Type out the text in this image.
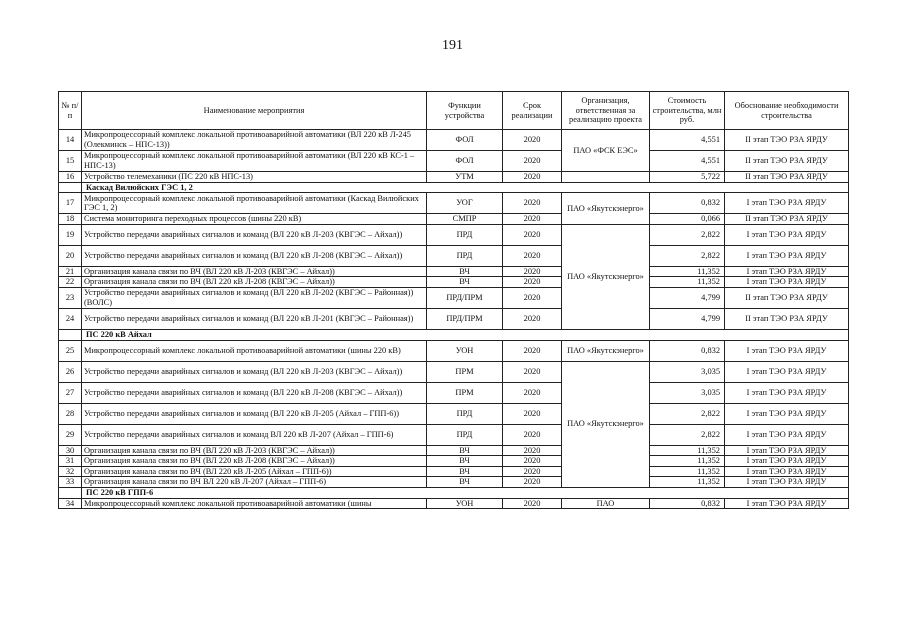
191
№ п/п	Наименование мероприятия	Функции устройства	Срок реализации	Организация, ответственная за реализацию проекта	Стоимость строительства, млн руб.	Обоснование необходимости строительства
14	Микропроцессорный комплекс локальной противоаварийной автоматики (ВЛ 220 кВ Л-245 (Олекминск – НПС-13))	ФОЛ	2020	ПАО «ФСК ЕЭС»	4,551	II этап ТЭО РЗА ЯРДУ
15	Микропроцессорный комплекс локальной противоаварийной автоматики (ВЛ 220 кВ КС-1 – НПС-13)	ФОЛ	2020		4,551	II этап ТЭО РЗА ЯРДУ
16	Устройство телемеханики (ПС 220 кВ НПС-13)	УТМ	2020		5,722	II этап ТЭО РЗА ЯРДУ
	Каскад Вилюйских ГЭС 1, 2					
17	Микропроцессорный комплекс локальной противоаварийной автоматики (Каскад Вилюйских ГЭС 1, 2)	УОГ	2020	ПАО «Якутскэнерго»	0,832	I этап ТЭО РЗА ЯРДУ
18	Система мониторинга переходных процессов (шины 220 кВ)	СМПР	2020		0,066	II этап ТЭО РЗА ЯРДУ
19	Устройство передачи аварийных сигналов и команд (ВЛ 220 кВ Л-203 (КВГЭС – Айхал))	ПРД	2020	ПАО «Якутскэнерго»	2,822	I этап ТЭО РЗА ЯРДУ
20	Устройство передачи аварийных сигналов и команд (ВЛ 220 кВ Л-208 (КВГЭС – Айхал))	ПРД	2020		2,822	I этап ТЭО РЗА ЯРДУ
21	Организация канала связи по ВЧ (ВЛ 220 кВ Л-203 (КВГЭС – Айхал))	ВЧ	2020		11,352	I этап ТЭО РЗА ЯРДУ
22	Организация канала связи по ВЧ (ВЛ 220 кВ Л-208 (КВГЭС – Айхал))	ВЧ	2020		11,352	I этап ТЭО РЗА ЯРДУ
23	Устройство передачи аварийных сигналов и команд (ВЛ 220 кВ Л-202 (КВГЭС – Районная)) (ВОЛС)	ПРД/ПРМ	2020		4,799	II этап ТЭО РЗА ЯРДУ
24	Устройство передачи аварийных сигналов и команд (ВЛ 220 кВ Л-201 (КВГЭС – Районная))	ПРД/ПРМ	2020		4,799	II этап ТЭО РЗА ЯРДУ
	ПС 220 кВ Айхал					
25	Микропроцессорный комплекс локальной противоаварийной автоматики (шины 220 кВ)	УОН	2020	ПАО «Якутскэнерго»	0,832	I этап ТЭО РЗА ЯРДУ
26	Устройство передачи аварийных сигналов и команд (ВЛ 220 кВ Л-203 (КВГЭС – Айхал))	ПРМ	2020	ПАО «Якутскэнерго»	3,035	I этап ТЭО РЗА ЯРДУ
27	Устройство передачи аварийных сигналов и команд (ВЛ 220 кВ Л-208 (КВГЭС – Айхал))	ПРМ	2020		3,035	I этап ТЭО РЗА ЯРДУ
28	Устройство передачи аварийных сигналов и команд (ВЛ 220 кВ Л-205 (Айхал – ГПП-6))	ПРД	2020		2,822	I этап ТЭО РЗА ЯРДУ
29	Устройство передачи аварийных сигналов и команд ВЛ 220 кВ Л-207 (Айхал – ГПП-6)	ПРД	2020		2,822	I этап ТЭО РЗА ЯРДУ
30	Организация канала связи по ВЧ (ВЛ 220 кВ Л-203 (КВГЭС – Айхал))	ВЧ	2020		11,352	I этап ТЭО РЗА ЯРДУ
31	Организация канала связи по ВЧ (ВЛ 220 кВ Л-208 (КВГЭС – Айхал))	ВЧ	2020		11,352	I этап ТЭО РЗА ЯРДУ
32	Организация канала связи по ВЧ (ВЛ 220 кВ Л-205 (Айхал – ГПП-6))	ВЧ	2020		11,352	I этап ТЭО РЗА ЯРДУ
33	Организация канала связи по ВЧ ВЛ 220 кВ Л-207 (Айхал – ГПП-6)	ВЧ	2020		11,352	I этап ТЭО РЗА ЯРДУ
	ПС 220 кВ ГПП-6					
34	Микропроцессорный комплекс локальной противоаварийной автоматики (шины	УОН	2020	ПАО	0,832	I этап ТЭО РЗА ЯРДУ
